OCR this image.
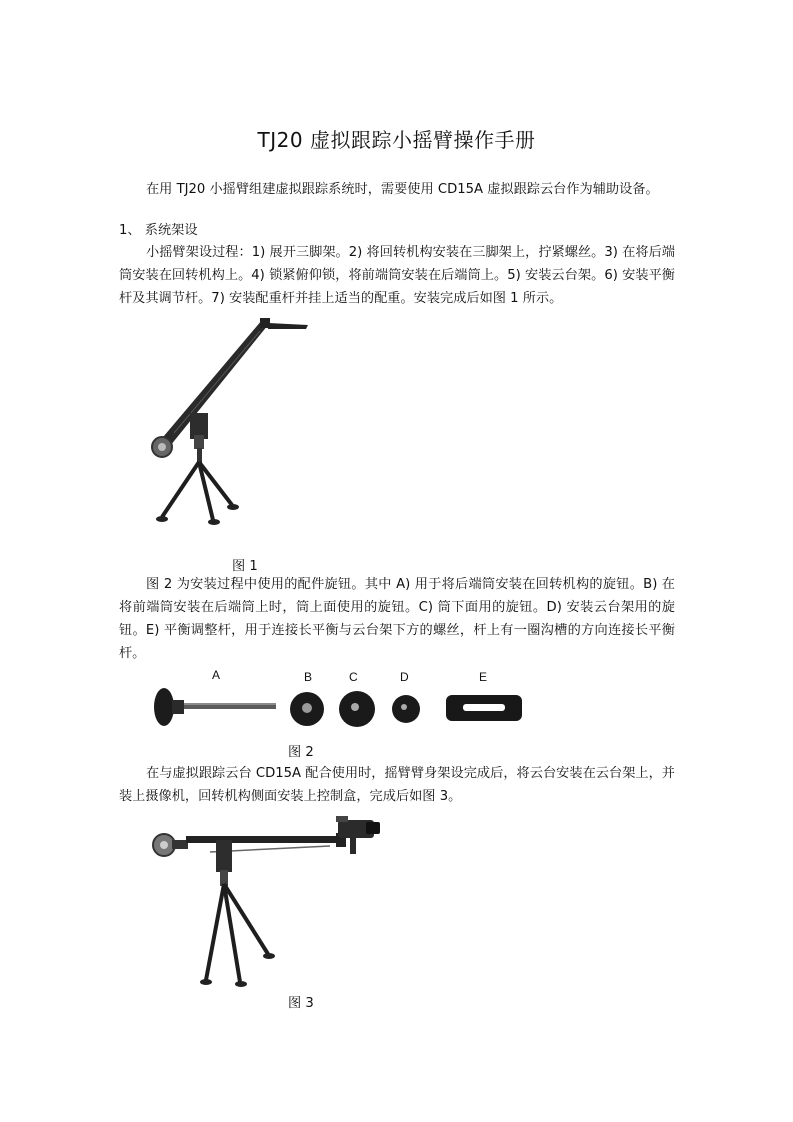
TJ20 虚拟跟踪小摇臂操作手册
在用 TJ20 小摇臂组建虚拟跟踪系统时，需要使用 CD15A 虚拟跟踪云台作为辅助设备。
1、 系统架设
小摇臂架设过程：1) 展开三脚架。2) 将回转机构安装在三脚架上，拧紧螺丝。3) 在将后端筒安装在回转机构上。4) 锁紧俯仰锁，将前端筒安装在后端筒上。5) 安装云台架。6) 安装平衡杆及其调节杆。7) 安装配重杆并挂上适当的配重。安装完成后如图 1 所示。
图 1
图 2 为安装过程中使用的配件旋钮。其中 A) 用于将后端筒安装在回转机构的旋钮。B) 在将前端筒安装在后端筒上时，筒上面使用的旋钮。C) 筒下面用的旋钮。D) 安装云台架用的旋钮。E) 平衡调整杆，用于连接长平衡与云台架下方的螺丝，杆上有一圈沟槽的方向连接长平衡杆。
A	B	C	D	E
图 2
在与虚拟跟踪云台 CD15A 配合使用时，摇臂臂身架设完成后，将云台安装在云台架上，并装上摄像机，回转机构侧面安装上控制盒，完成后如图 3。
图 3
